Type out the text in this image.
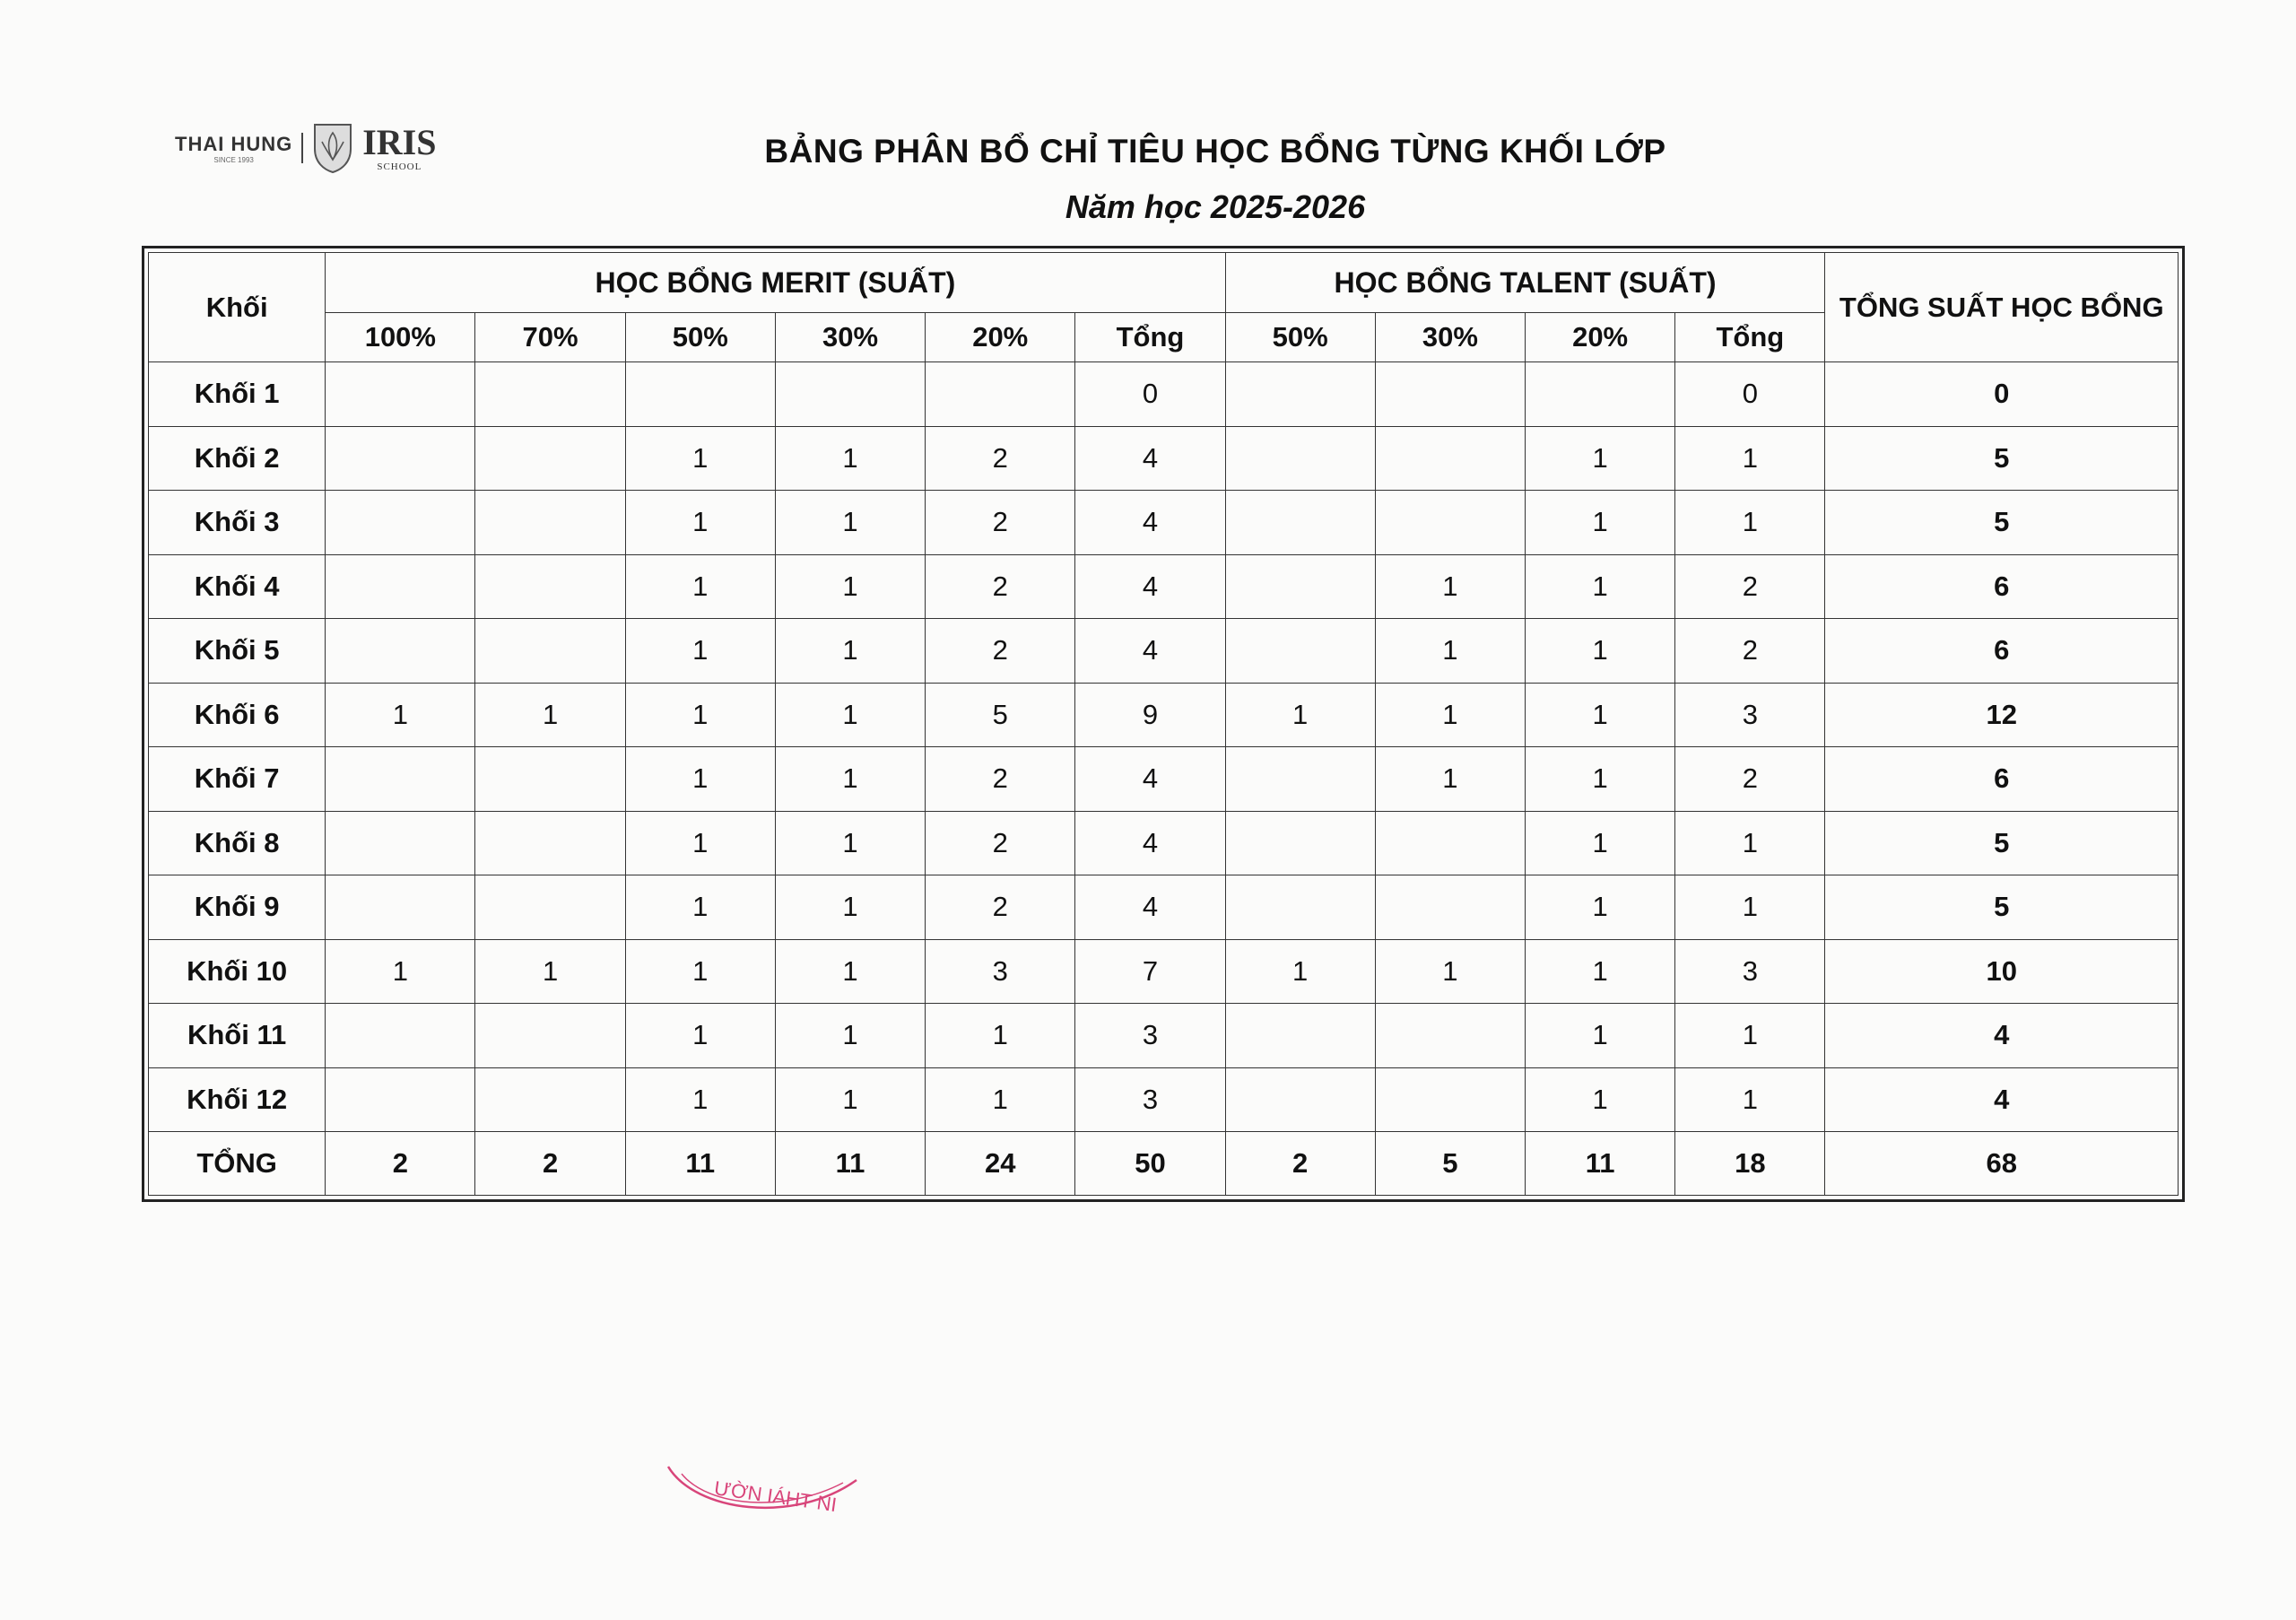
THAI HUNG
SINCE 1993	IRIS
SCHOOL	BẢNG PHÂN BỔ CHỈ TIÊU HỌC BỔNG TỪNG KHỐI LỚP
Năm học 2025-2026
Khối	HỌC BỔNG MERIT (SUẤT)						HỌC BỔNG TALENT (SUẤT)				TỔNG SUẤT HỌC BỔNG
	100%	70%	50%	30%	20%	Tổng	50%	30%	20%	Tổng	
Khối 1						0				0	0
Khối 2			1	1	2	4			1	1	5
Khối 3			1	1	2	4			1	1	5
Khối 4			1	1	2	4		1	1	2	6
Khối 5			1	1	2	4		1	1	2	6
Khối 6	1	1	1	1	5	9	1	1	1	3	12
Khối 7			1	1	2	4		1	1	2	6
Khối 8			1	1	2	4			1	1	5
Khối 9			1	1	2	4			1	1	5
Khối 10	1	1	1	1	3	7	1	1	1	3	10
Khối 11			1	1	1	3			1	1	4
Khối 12			1	1	1	3			1	1	4
TỔNG	2	2	11	11	24	50	2	5	11	18	68
ƯỜN IÁHT NI
